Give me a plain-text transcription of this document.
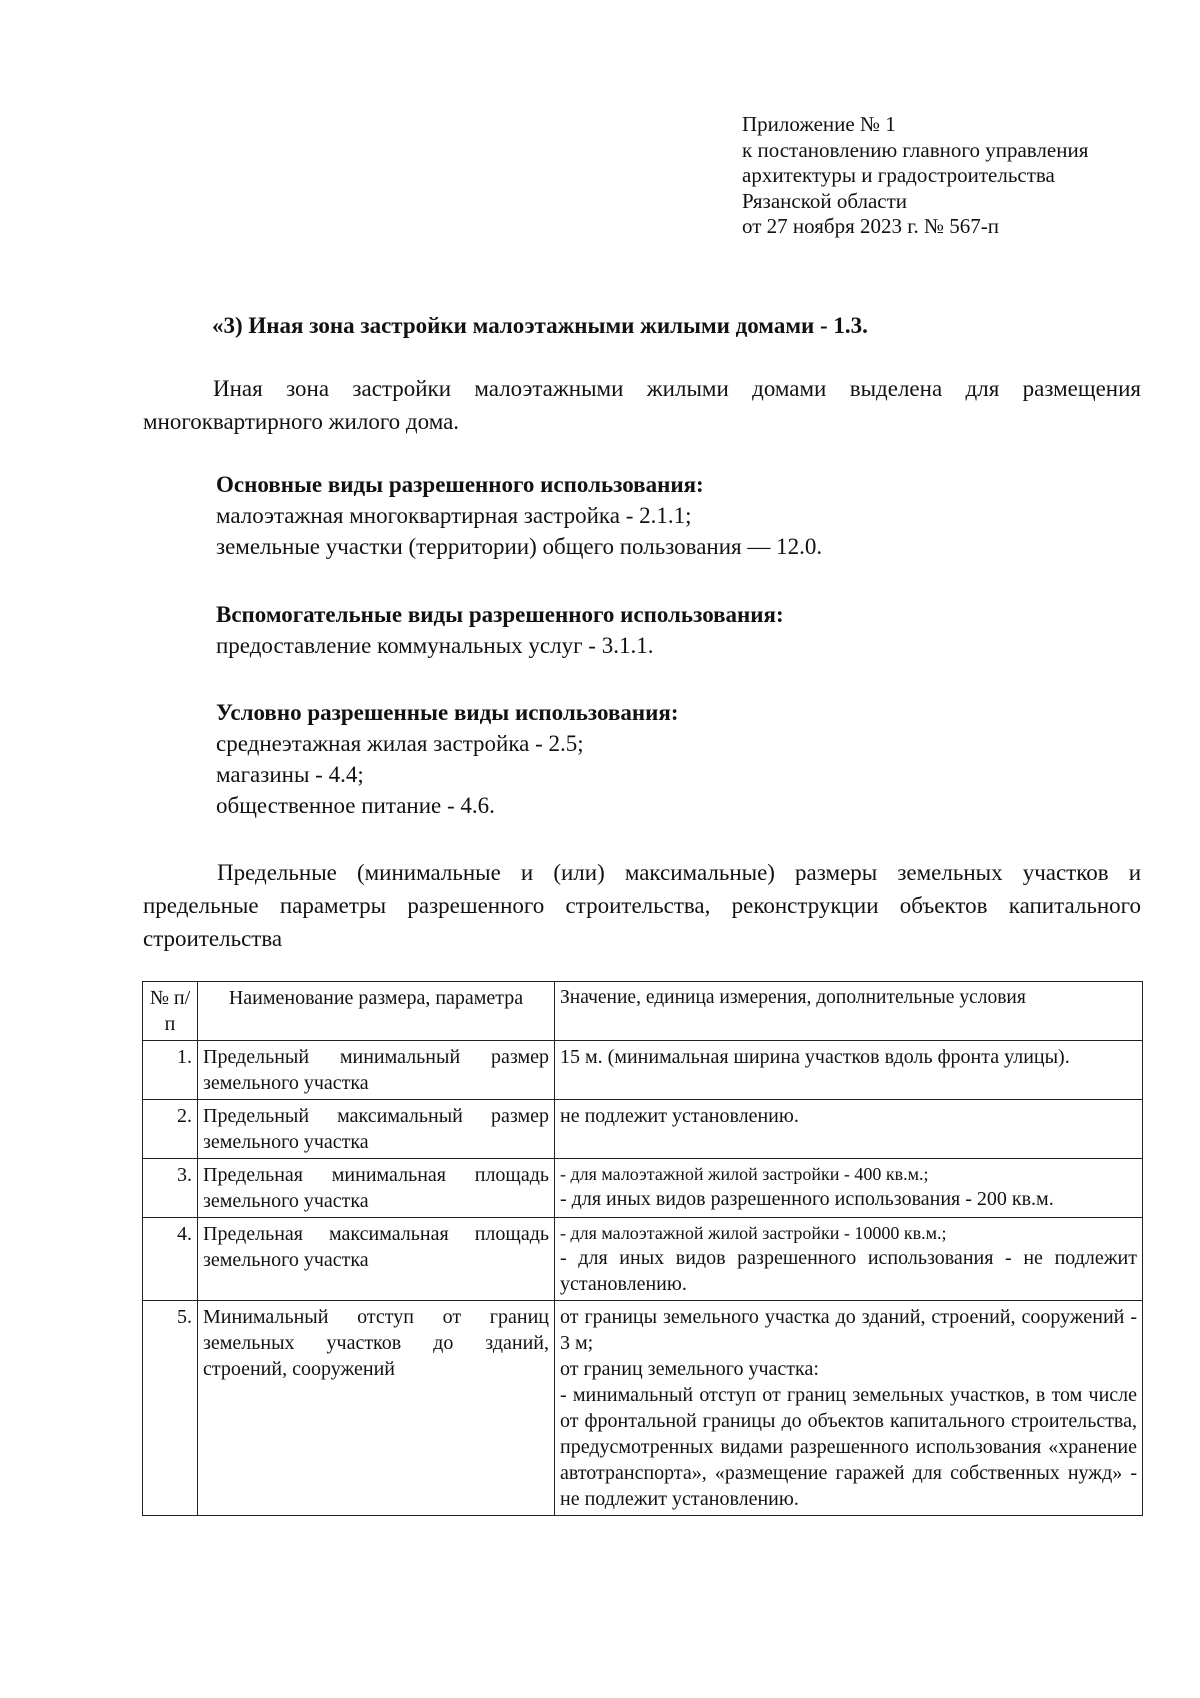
Приложение № 1
к постановлению главного управления
архитектуры и градостроительства
Рязанской области
от 27 ноября 2023 г. № 567-п
«3) Иная зона застройки малоэтажными жилыми домами - 1.3.

Иная зона застройки малоэтажными жилыми домами выделена для размещения многоквартирного жилого дома.

Основные виды разрешенного использования:
малоэтажная многоквартирная застройка - 2.1.1;
земельные участки (территории) общего пользования — 12.0.
Вспомогательные виды разрешенного использования:
предоставление коммунальных услуг - 3.1.1.
Условно разрешенные виды использования:
среднеэтажная жилая застройка - 2.5;
магазины - 4.4;
общественное питание - 4.6.

Предельные (минимальные и (или) максимальные) размеры земельных участков и предельные параметры разрешенного строительства, реконструкции объектов капитального строительства

№ п/п	Наименование размера, параметра	Значение, единица измерения, дополнительные условия
1.	Предельный минимальный размер земельного участка	15 м. (минимальная ширина участков вдоль фронта улицы).

2.	Предельный максимальный размер земельного участка	не подлежит установлению.

3.	Предельная минимальная площадь земельного участка	- для малоэтажной жилой застройки - 400 кв.м.;
- для иных видов разрешенного использования - 200 кв.м.

4.	Предельная максимальная площадь земельного участка	- для малоэтажной жилой застройки - 10000 кв.м.;
- для иных видов разрешенного использования - не подлежит установлению.

5.	Минимальный отступ от границ земельных участков до зданий, строений, сооружений	от границы земельного участка до зданий, строений, сооружений - 3 м;
от границ земельного участка:
- минимальный отступ от границ земельных участков, в том числе от фронтальной границы до объектов капитального строительства, предусмотренных видами разрешенного использования «хранение автотранспорта», «размещение гаражей для собственных нужд» - не подлежит установлению.
